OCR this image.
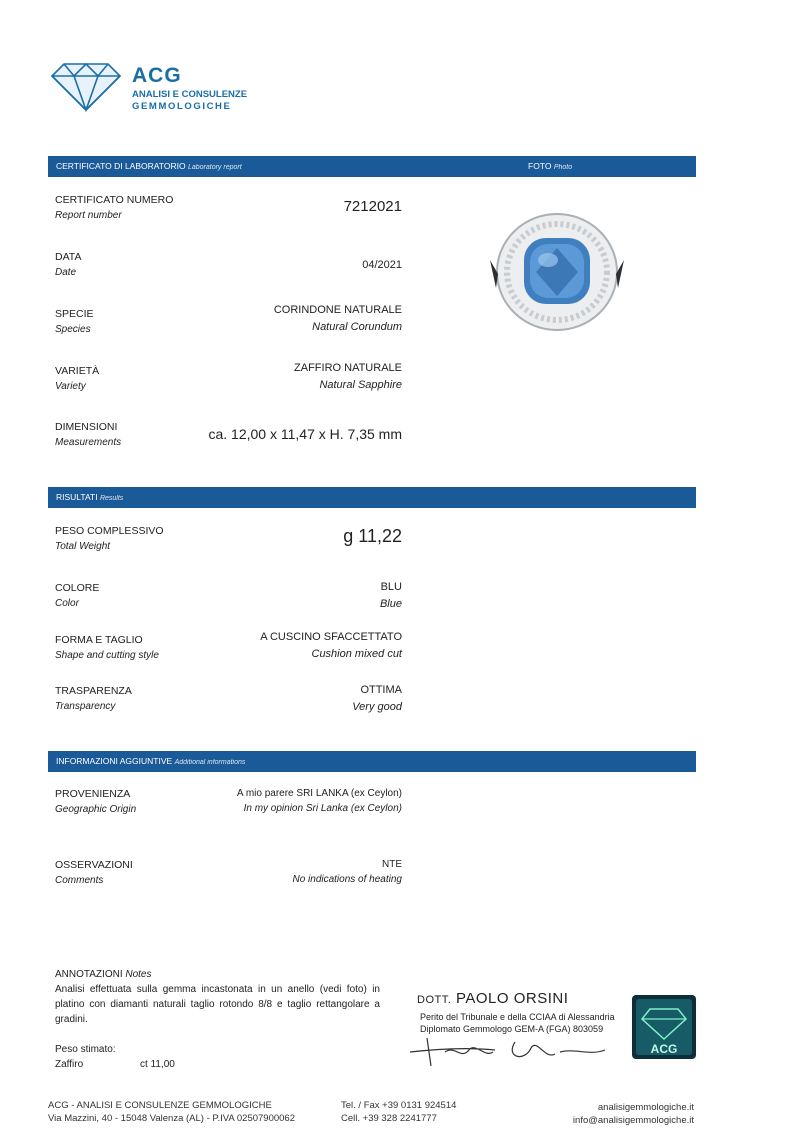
ACG
ANALISI E CONSULENZE
GEMMOLOGICHE
CERTIFICATO DI LABORATORIO Laboratory report	FOTO Photo
CERTIFICATO NUMERO
Report number
7212021
DATA
Date
04/2021
SPECIE
Species
CORINDONE NATURALE
Natural Corundum
VARIETÀ
Variety
ZAFFIRO NATURALE
Natural Sapphire
DIMENSIONI
Measurements
ca. 12,00 x 11,47 x H. 7,35 mm
RISULTATI Results
PESO COMPLESSIVO
Total Weight
g 11,22
COLORE
Color
BLU
Blue
FORMA E TAGLIO
Shape and cutting style
A CUSCINO SFACCETTATO
Cushion mixed cut
TRASPARENZA
Transparency
OTTIMA
Very good
INFORMAZIONI AGGIUNTIVE Additional informations
PROVENIENZA
Geographic Origin
A mio parere SRI LANKA (ex Ceylon)
In my opinion Sri Lanka (ex Ceylon)
OSSERVAZIONI
Comments
NTE
No indications of heating
ANNOTAZIONI Notes
Analisi effettuata sulla gemma incastonata in un anello (vedi foto) in platino con diamanti naturali taglio rotondo 8/8 e taglio rettangolare a gradini.
Peso stimato:
Zaffiro	ct 11,00
DOTT. PAOLO ORSINI
Perito del Tribunale e della CCIAA di Alessandria
Diplomato Gemmologo GEM-A (FGA) 803059
ACG
ACG - ANALISI E CONSULENZE GEMMOLOGICHE
Via Mazzini, 40 - 15048 Valenza (AL) - P.IVA 02507900062
Tel. / Fax +39 0131 924514
Cell. +39 328 2241777
analisigemmologiche.it
info@analisigemmologiche.it
